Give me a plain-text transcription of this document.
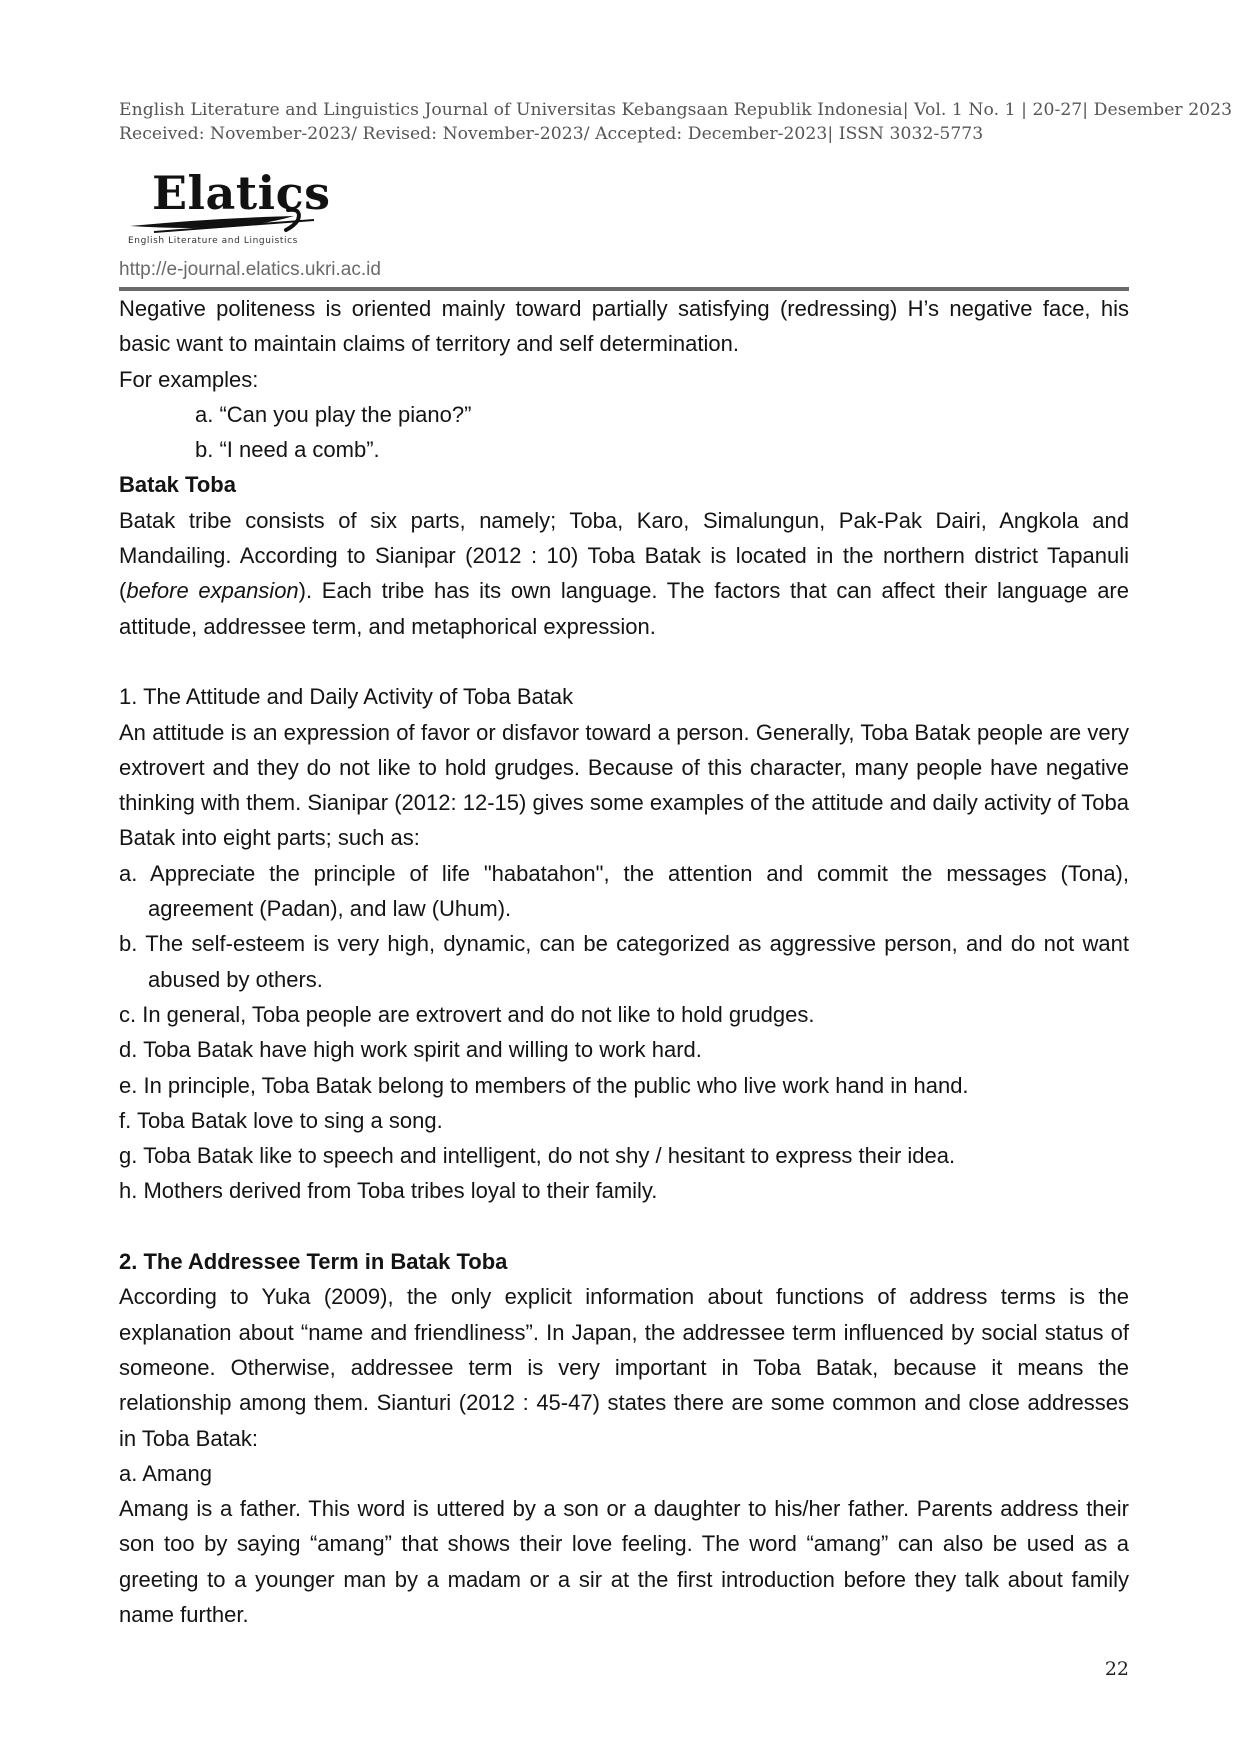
English Literature and Linguistics Journal of Universitas Kebangsaan Republik Indonesia| Vol. 1 No. 1 | 20-27| Desember 2023
Received: November-2023/ Revised: November-2023/ Accepted: December-2023| ISSN 3032-5773
Elatics
English Literature and Linguistics
http://e-journal.elatics.ukri.ac.id

Negative politeness is oriented mainly toward partially satisfying (redressing) H’s negative face, his basic want to maintain claims of territory and self determination.

For examples:

a. “Can you play the piano?”

b. “I need a comb”.

Batak Toba

Batak tribe consists of six parts, namely; Toba, Karo, Simalungun, Pak-Pak Dairi, Angkola and Mandailing. According to Sianipar (2012 : 10) Toba Batak is located in the northern district Tapanuli (before expansion). Each tribe has its own language. The factors that can affect their language are attitude, addressee term, and metaphorical expression.

1. The Attitude and Daily Activity of Toba Batak

An attitude is an expression of favor or disfavor toward a person. Generally, Toba Batak people are very extrovert and they do not like to hold grudges. Because of this character, many people have negative thinking with them. Sianipar (2012: 12-15) gives some examples of the attitude and daily activity of Toba Batak into eight parts; such as:

a. Appreciate the principle of life "habatahon", the attention and commit the messages (Tona), agreement (Padan), and law (Uhum).

b. The self-esteem is very high, dynamic, can be categorized as aggressive person, and do not want abused by others.

c. In general, Toba people are extrovert and do not like to hold grudges.

d. Toba Batak have high work spirit and willing to work hard.

e. In principle, Toba Batak belong to members of the public who live work hand in hand.

f. Toba Batak love to sing a song.

g. Toba Batak like to speech and intelligent, do not shy / hesitant to express their idea.

h. Mothers derived from Toba tribes loyal to their family.

2. The Addressee Term in Batak Toba

According to Yuka (2009), the only explicit information about functions of address terms is the explanation about “name and friendliness”. In Japan, the addressee term influenced by social status of someone. Otherwise, addressee term is very important in Toba Batak, because it means the relationship among them. Sianturi (2012 : 45-47) states there are some common and close addresses in Toba Batak:

a. Amang

Amang is a father. This word is uttered by a son or a daughter to his/her father. Parents address their son too by saying “amang” that shows their love feeling. The word “amang” can also be used as a greeting to a younger man by a madam or a sir at the first introduction before they talk about family name further.

22
